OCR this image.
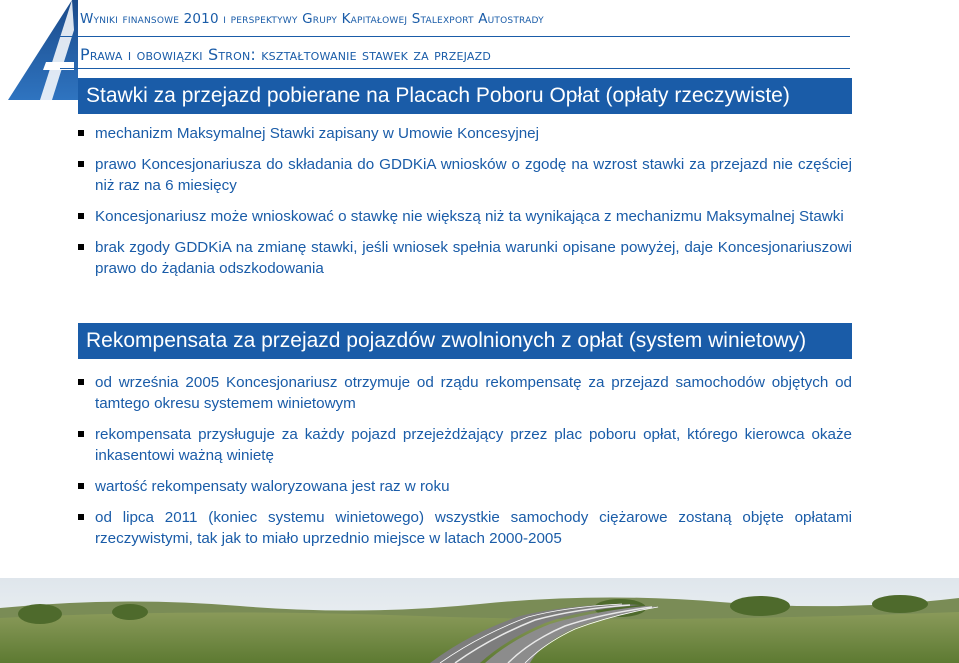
Wyniki finansowe 2010 i perspektywy Grupy Kapitałowej Stalexport Autostrady
Prawa i obowiązki Stron: kształtowanie stawek za przejazd
Stawki za przejazd pobierane na Placach Poboru Opłat (opłaty rzeczywiste)
mechanizm Maksymalnej Stawki zapisany w Umowie Koncesyjnej
prawo Koncesjonariusza do składania do GDDKiA wniosków o zgodę na wzrost stawki za przejazd nie częściej niż raz na 6 miesięcy
Koncesjonariusz może wnioskować o stawkę nie większą niż ta wynikająca z mechanizmu Maksymalnej Stawki
brak zgody GDDKiA na zmianę stawki, jeśli wniosek spełnia warunki opisane powyżej, daje Koncesjonariuszowi prawo do żądania odszkodowania
Rekompensata za przejazd pojazdów zwolnionych z opłat (system winietowy)
od września 2005 Koncesjonariusz otrzymuje od rządu rekompensatę za przejazd samochodów objętych od tamtego okresu systemem winietowym
rekompensata przysługuje za każdy pojazd przejeżdżający przez plac poboru opłat, którego kierowca okaże inkasentowi ważną winietę
wartość rekompensaty waloryzowana jest raz w roku
od lipca 2011 (koniec systemu winietowego) wszystkie samochody ciężarowe zostaną objęte opłatami rzeczywistymi, tak jak to miało uprzednio miejsce w latach 2000-2005
